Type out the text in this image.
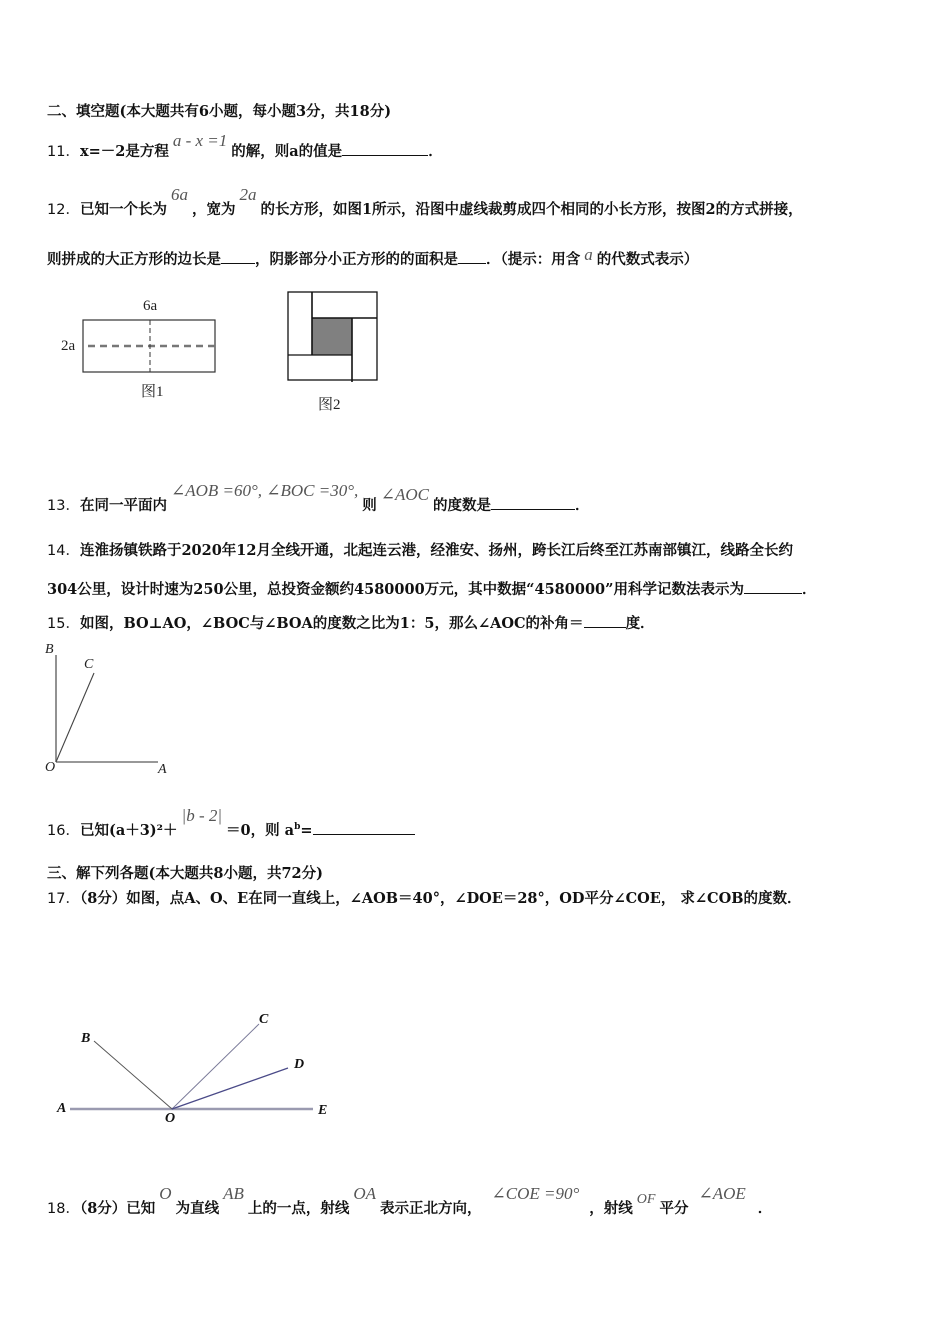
二、填空题(本大题共有6小题，每小题3分，共18分)
11．x=－2是方程a - x =1的解，则a的值是	．
12．已知一个长为6a，宽为2a的长方形，如图1所示，沿图中虚线裁剪成四个相同的小长方形，按图2的方式拼接，
则拼成的大正方形的边长是 ，阴影部分小正方形的的面积是 ．（提示：用含 a 的代数式表示）
6a
2a
图1
图2
13．在同一平面内∠AOB =60°, ∠BOC =30°,则∠AOC的度数是	．
14．连淮扬镇铁路于2020年12月全线开通，北起连云港，经淮安、扬州，跨长江后终至江苏南部镇江，线路全长约
304公里，设计时速为250公里，总投资金额约4580000万元，其中数据“4580000”用科学记数法表示为	．
15．如图，BO⊥AO，∠BOC与∠BOA的度数之比为1：5，那么∠AOC的补角＝	度．
B
C
O	A
16．已知(a＋3)²＋|b - 2|＝0，则 $a^b=$
三、解下列各题(本大题共8小题，共72分)
17．（8分）如图，点A、O、E在同一直线上，∠AOB＝40°，∠DOE＝28°，OD平分∠COE， 求∠COB的度数．
B
C
D
A
O
E
18．（8分）已知O为直线AB上的一点，射线OA表示正北方向，∠COE =90°，射线OF平分∠AOE．
